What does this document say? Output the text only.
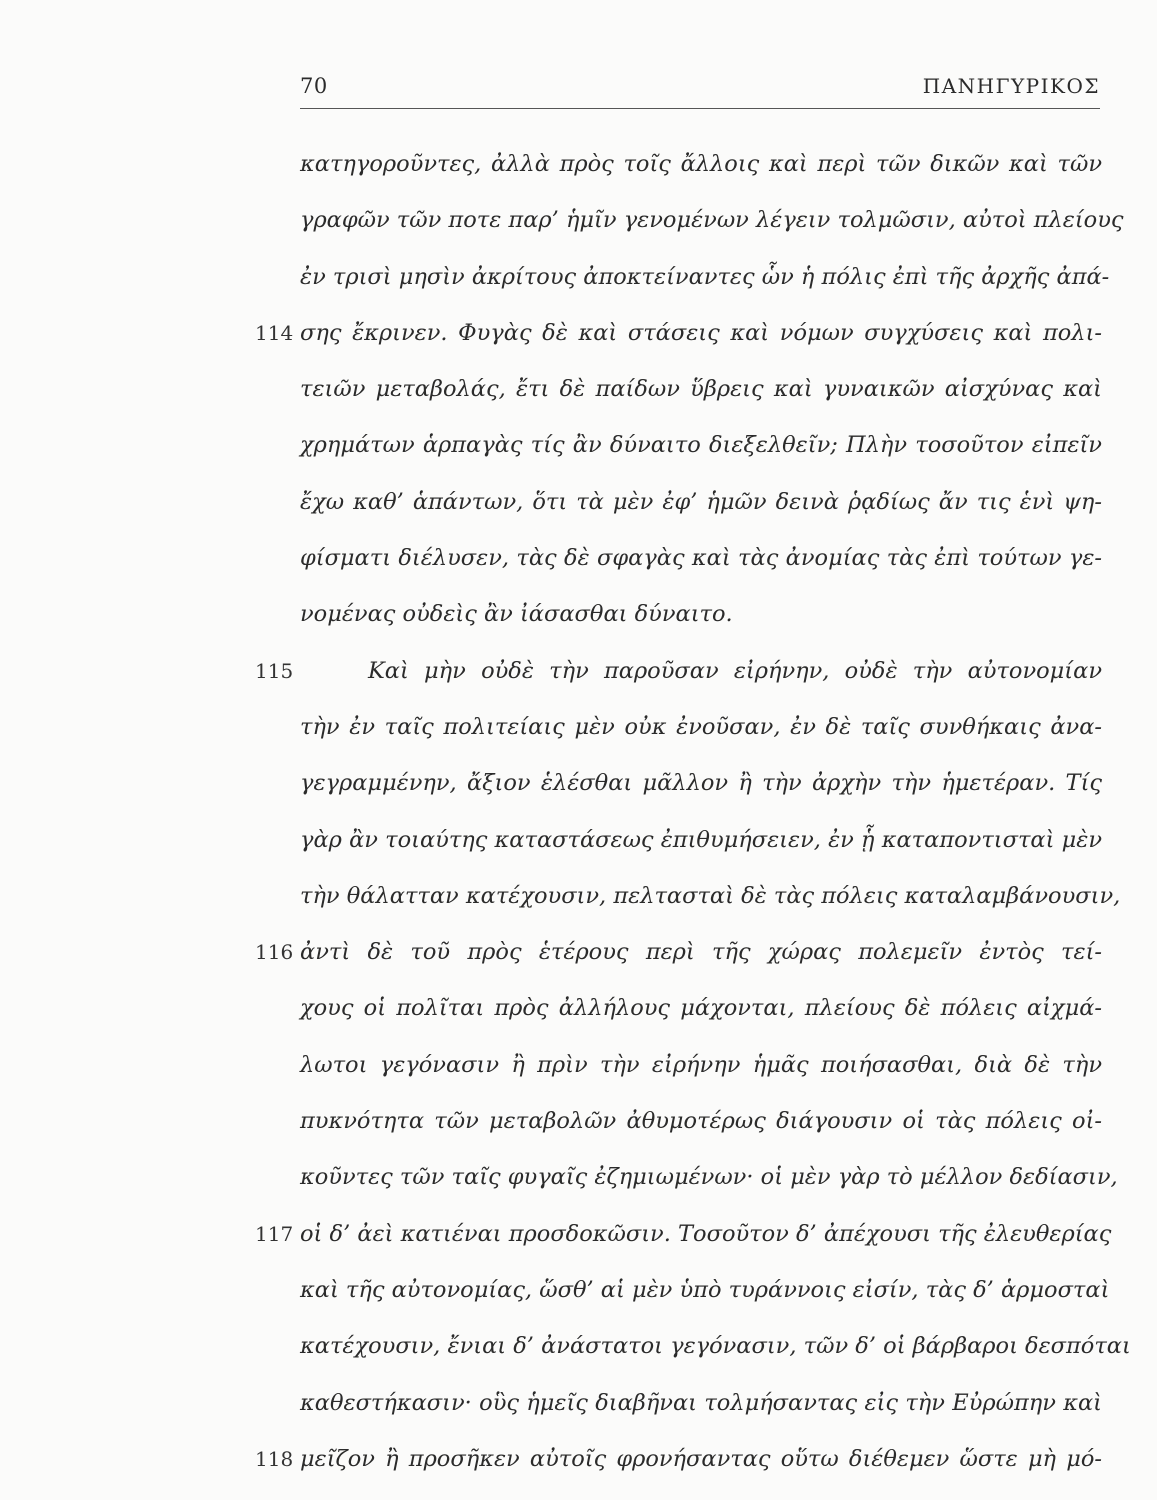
70	ΠΑΝΗΓΥΡΙΚΟΣ
κατηγοροῦντες, ἀλλὰ πρὸς τοῖς ἄλλοις καὶ περὶ τῶν δικῶν καὶ τῶν
γραφῶν τῶν ποτε παρ’ ἡμῖν γενομένων λέγειν τολμῶσιν, αὐτοὶ πλείους
ἐν τρισὶ μησὶν ἀκρίτους ἀποκτείναντες ὧν ἡ πόλις ἐπὶ τῆς ἀρχῆς ἀπά-
114 σης ἔκρινεν. Φυγὰς δὲ καὶ στάσεις καὶ νόμων συγχύσεις καὶ πολι-
τειῶν μεταβολάς, ἔτι δὲ παίδων ὕβρεις καὶ γυναικῶν αἰσχύνας καὶ
χρημάτων ἁρπαγὰς τίς ἂν δύναιτο διεξελθεῖν; Πλὴν τοσοῦτον εἰπεῖν
ἔχω καθ’ ἁπάντων, ὅτι τὰ μὲν ἐφ’ ἡμῶν δεινὰ ῥᾳδίως ἄν τις ἑνὶ ψη-
φίσματι διέλυσεν, τὰς δὲ σφαγὰς καὶ τὰς ἀνομίας τὰς ἐπὶ τούτων γε-
νομένας οὐδεὶς ἂν ἰάσασθαι δύναιτο.
115	Καὶ μὴν οὐδὲ τὴν παροῦσαν εἰρήνην, οὐδὲ τὴν αὐτονομίαν
τὴν ἐν ταῖς πολιτείαις μὲν οὐκ ἐνοῦσαν, ἐν δὲ ταῖς συνθήκαις ἀνα-
γεγραμμένην, ἄξιον ἑλέσθαι μᾶλλον ἢ τὴν ἀρχὴν τὴν ἡμετέραν. Τίς
γὰρ ἂν τοιαύτης καταστάσεως ἐπιθυμήσειεν, ἐν ᾗ καταποντισταὶ μὲν
τὴν θάλατταν κατέχουσιν, πελτασταὶ δὲ τὰς πόλεις καταλαμβάνουσιν,
116 ἀντὶ δὲ τοῦ πρὸς ἑτέρους περὶ τῆς χώρας πολεμεῖν ἐντὸς τεί-
χους οἱ πολῖται πρὸς ἀλλήλους μάχονται, πλείους δὲ πόλεις αἰχμά-
λωτοι γεγόνασιν ἢ πρὶν τὴν εἰρήνην ἡμᾶς ποιήσασθαι, διὰ δὲ τὴν
πυκνότητα τῶν μεταβολῶν ἀθυμοτέρως διάγουσιν οἱ τὰς πόλεις οἰ-
κοῦντες τῶν ταῖς φυγαῖς ἐζημιωμένων· οἱ μὲν γὰρ τὸ μέλλον δεδίασιν,
117 οἱ δ’ ἀεὶ κατιέναι προσδοκῶσιν. Τοσοῦτον δ’ ἀπέχουσι τῆς ἐλευθερίας
καὶ τῆς αὐτονομίας, ὥσθ’ αἱ μὲν ὑπὸ τυράννοις εἰσίν, τὰς δ’ ἁρμοσταὶ
κατέχουσιν, ἔνιαι δ’ ἀνάστατοι γεγόνασιν, τῶν δ’ οἱ βάρβαροι δεσπόται
καθεστήκασιν· οὓς ἡμεῖς διαβῆναι τολμήσαντας εἰς τὴν Εὐρώπην καὶ
118 μεῖζον ἢ προσῆκεν αὐτοῖς φρονήσαντας οὕτω διέθεμεν ὥστε μὴ μό-
